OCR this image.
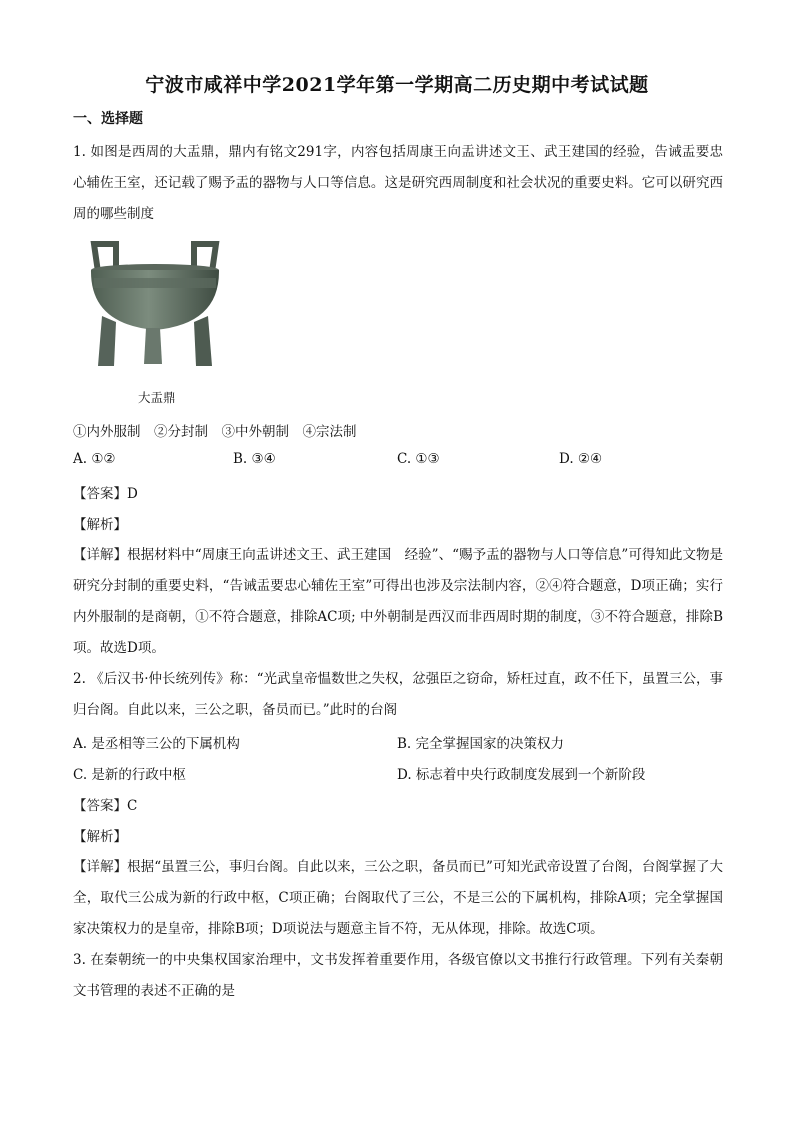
宁波市咸祥中学2021学年第一学期高二历史期中考试试题
一、选择题
1. 如图是西周的大盂鼎，鼎内有铭文291字，内容包括周康王向盂讲述文王、武王建国的经验，告诫盂要忠心辅佐王室，还记载了赐予盂的器物与人口等信息。这是研究西周制度和社会状况的重要史料。它可以研究西周的哪些制度
大盂鼎
①内外服制　②分封制　③中外朝制　④宗法制
A. ①②	B. ③④	C. ①③	D. ②④
【答案】D
【解析】
【详解】根据材料中“周康王向盂讲述文王、武王建国　经验”、“赐予盂的器物与人口等信息”可得知此文物是研究分封制的重要史料，“告诫盂要忠心辅佐王室”可得出也涉及宗法制内容，②④符合题意，D项正确；实行内外服制的是商朝，①不符合题意，排除AC项; 中外朝制是西汉而非西周时期的制度，③不符合题意，排除B项。故选D项。
2. 《后汉书·仲长统列传》称：“光武皇帝愠数世之失权，忿强臣之窃命，矫枉过直，政不任下，虽置三公，事归台阁。自此以来，三公之职，备员而已。”此时的台阁
A. 是丞相等三公的下属机构	B. 完全掌握国家的决策权力
C. 是新的行政中枢	D. 标志着中央行政制度发展到一个新阶段
【答案】C
【解析】
【详解】根据“虽置三公，事归台阁。自此以来，三公之职，备员而已”可知光武帝设置了台阁，台阁掌握了大全，取代三公成为新的行政中枢，C项正确；台阁取代了三公，不是三公的下属机构，排除A项；完全掌握国家决策权力的是皇帝，排除B项；D项说法与题意主旨不符，无从体现，排除。故选C项。
3. 在秦朝统一的中央集权国家治理中，文书发挥着重要作用，各级官僚以文书推行行政管理。下列有关秦朝文书管理的表述不正确的是
